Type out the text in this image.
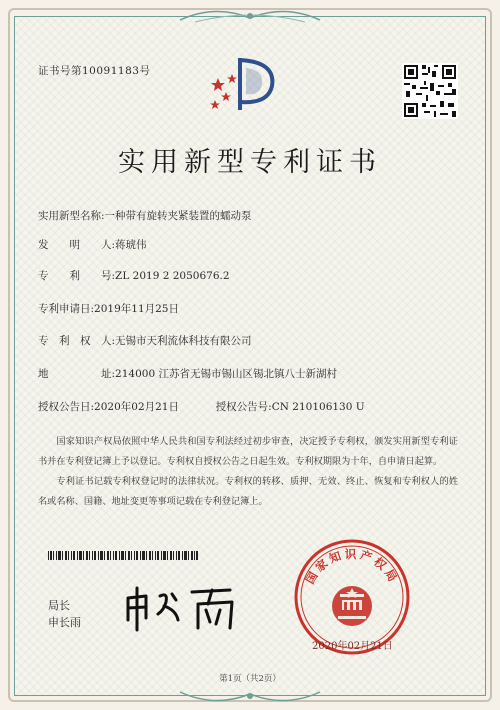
证书号第10091183号
实用新型专利证书
实用新型名称:一种带有旋转夹紧装置的蠕动泵
发　　明　　人:蒋琥伟
专　　利　　号:ZL 2019 2 2050676.2
专利申请日:2019年11月25日
专　利　权　人:无锡市天利流体科技有限公司
地　　　　　址:214000 江苏省无锡市锡山区锡北镇八士新湖村
授权公告日:2020年02月21日	授权公告号:CN 210106130 U

国家知识产权局依照中华人民共和国专利法经过初步审查，决定授予专利权，颁发实用新型专利证书并在专利登记簿上予以登记。专利权自授权公告之日起生效。专利权期限为十年，自申请日起算。

专利证书记载专利权登记时的法律状况。专利权的转移、质押、无效、终止、恢复和专利权人的姓名或名称、国籍、地址变更等事项记载在专利登记簿上。

局长
申长雨
国家知识产权局
2020年02月21日
第1页（共2页）
